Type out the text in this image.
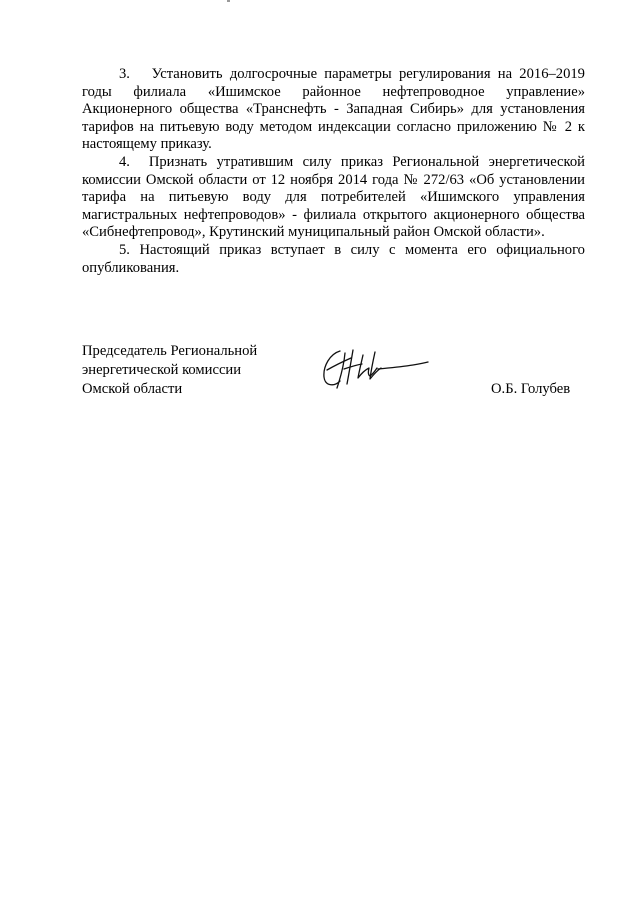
3. Установить долгосрочные параметры регулирования на 2016–2019 годы филиала «Ишимское районное нефтепроводное управление» Акционерного общества «Транснефть - Западная Сибирь» для установления тарифов на питьевую воду методом индексации согласно приложению № 2 к настоящему приказу.

4. Признать утратившим силу приказ Региональной энергетической комиссии Омской области от 12 ноября 2014 года № 272/63 «Об установлении тарифа на питьевую воду для потребителей «Ишимского управления магистральных нефтепроводов» - филиала открытого акционерного общества «Сибнефтепровод», Крутинский муниципальный район Омской области».

5. Настоящий приказ вступает в силу с момента его официального опубликования.

Председатель Региональной
энергетической комиссии
Омской области	О.Б. Голубев
